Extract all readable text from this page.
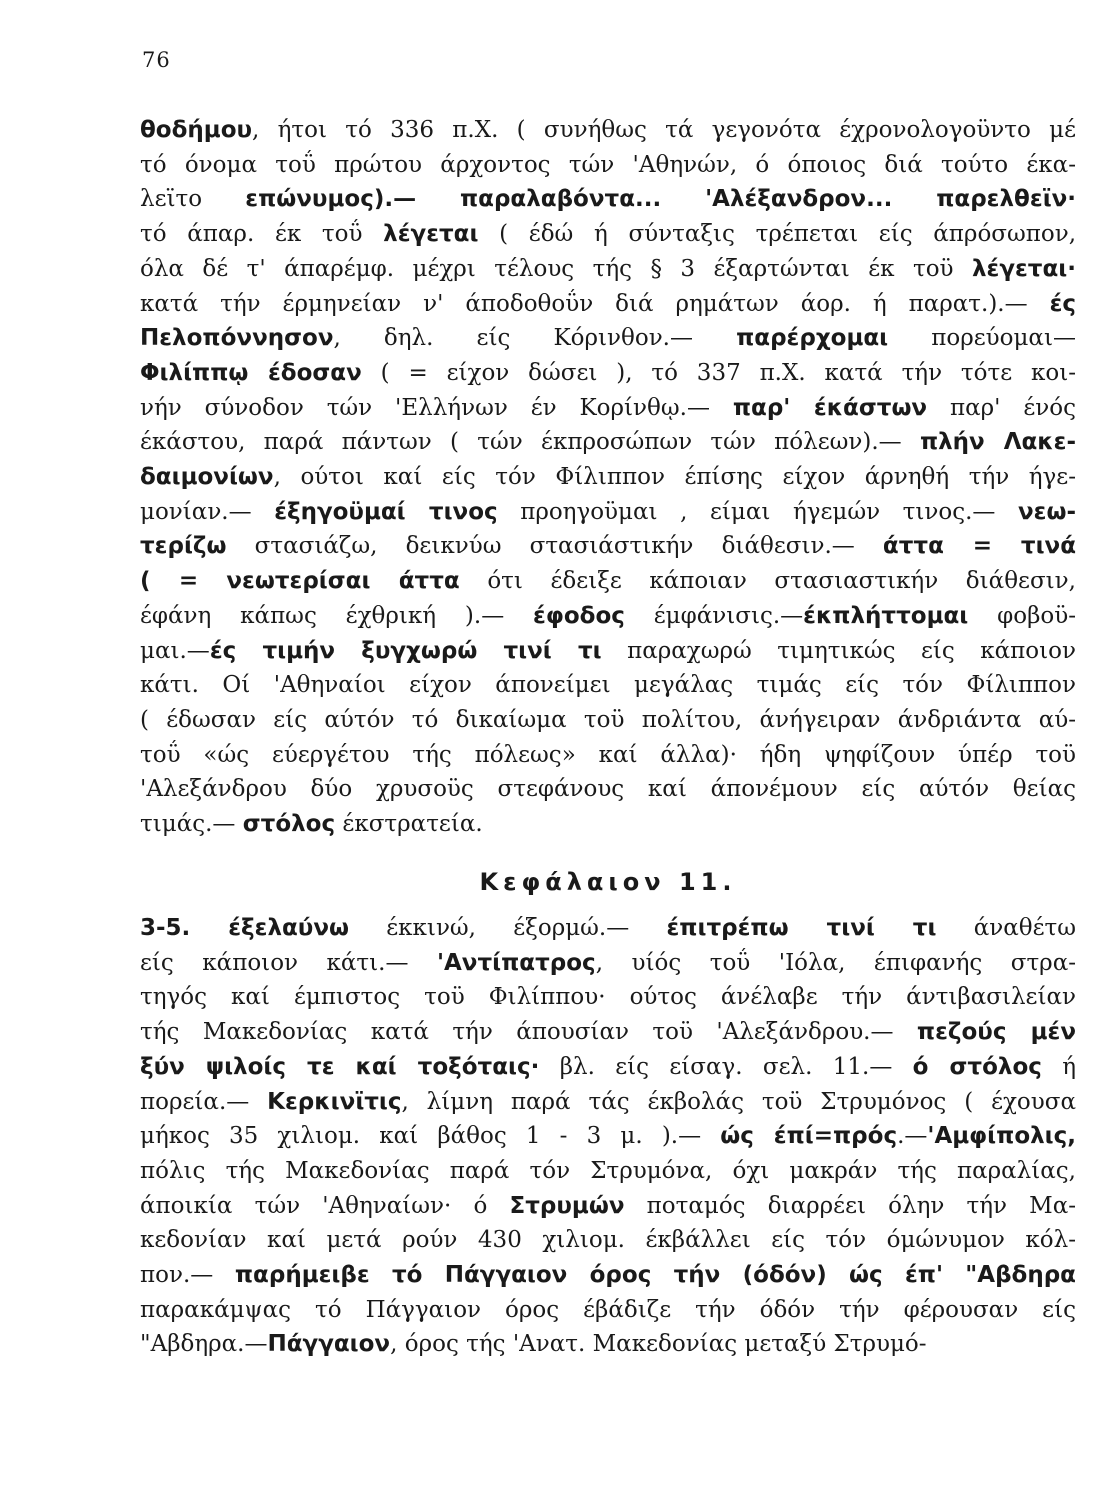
76
θοδήμου, ήτοι τό 336 π.Χ. ( συνήθως τά γεγονότα έχρονολογοϋντο μέ
τό όνομα τοΰ πρώτου άρχοντος τών 'Αθηνών, ό όποιος διά τούτο έκα-
λεϊτο επώνυμος).— παραλαβόντα... 'Αλέξανδρον... παρελθεϊν·
τό άπαρ. έκ τοΰ λέγεται ( έδώ ή σύνταξις τρέπεται είς άπρόσωπον,
όλα δέ τ' άπαρέμφ. μέχρι τέλους τής § 3 έξαρτώνται έκ τοϋ λέγεται·
κατά τήν έρμηνείαν ν' άποδοθοΰν διά ρημάτων άορ. ή παρατ.).— ές
Πελοπόννησον, δηλ. είς Κόρινθον.— παρέρχομαι πορεύομαι—
Φιλίππῳ έδοσαν ( = είχον δώσει ), τό 337 π.Χ. κατά τήν τότε κοι-
νήν σύνοδον τών 'Ελλήνων έν Κορίνθῳ.— παρ' έκάστων παρ' ένός
έκάστου, παρά πάντων ( τών έκπροσώπων τών πόλεων).— πλήν Λακε-
δαιμονίων, ούτοι καί είς τόν Φίλιππον έπίσης είχον άρνηθή τήν ήγε-
μονίαν.— έξηγοϋμαί τινος προηγοϋμαι , είμαι ήγεμών τινος.— νεω-
τερίζω στασιάζω, δεικνύω στασιάστικήν διάθεσιν.— άττα = τινά
( = νεωτερίσαι άττα ότι έδειξε κάποιαν στασιαστικήν διάθεσιν,
έφάνη κάπως έχθρική ).— έφοδος έμφάνισις.—έκπλήττομαι φοβοϋ-
μαι.—ές τιμήν ξυγχωρώ τινί τι παραχωρώ τιμητικώς είς κάποιον
κάτι. Οί 'Αθηναίοι είχον άπονείμει μεγάλας τιμάς είς τόν Φίλιππον
( έδωσαν είς αύτόν τό δικαίωμα τοϋ πολίτου, άνήγειραν άνδριάντα αύ-
τοΰ «ώς εύεργέτου τής πόλεως» καί άλλα)· ήδη ψηφίζουν ύπέρ τοϋ
'Αλεξάνδρου δύο χρυσοϋς στεφάνους καί άπονέμουν είς αύτόν θείας
τιμάς.— στόλος έκστρατεία.
Κεφάλαιον 11.
3-5. έξελαύνω έκκινώ, έξορμώ.— έπιτρέπω τινί τι άναθέτω
είς κάποιον κάτι.— 'Αντίπατρος, υίός τοΰ 'Ιόλα, έπιφανής στρα-
τηγός καί έμπιστος τοϋ Φιλίππου· ούτος άνέλαβε τήν άντιβασιλείαν
τής Μακεδονίας κατά τήν άπουσίαν τοϋ 'Αλεξάνδρου.— πεζούς μέν
ξύν ψιλοίς τε καί τοξόταις· βλ. είς είσαγ. σελ. 11.— ό στόλος ή
πορεία.— Κερκινϊτις, λίμνη παρά τάς έκβολάς τοϋ Στρυμόνος ( έχουσα
μήκος 35 χιλιομ. καί βάθος 1 - 3 μ. ).— ώς έπί=πρός.—'Αμφίπολις,
πόλις τής Μακεδονίας παρά τόν Στρυμόνα, όχι μακράν τής παραλίας,
άποικία τών 'Αθηναίων· ό Στρυμών ποταμός διαρρέει όλην τήν Μα-
κεδονίαν καί μετά ρούν 430 χιλιομ. έκβάλλει είς τόν όμώνυμον κόλ-
πον.— παρήμειβε τό Πάγγαιον όρος τήν (όδόν) ώς έπ' "Αβδηρα
παρακάμψας τό Πάγγαιον όρος έβάδιζε τήν όδόν τήν φέρουσαν είς
"Αβδηρα.—Πάγγαιον, όρος τής 'Ανατ. Μακεδονίας μεταξύ Στρυμό-
